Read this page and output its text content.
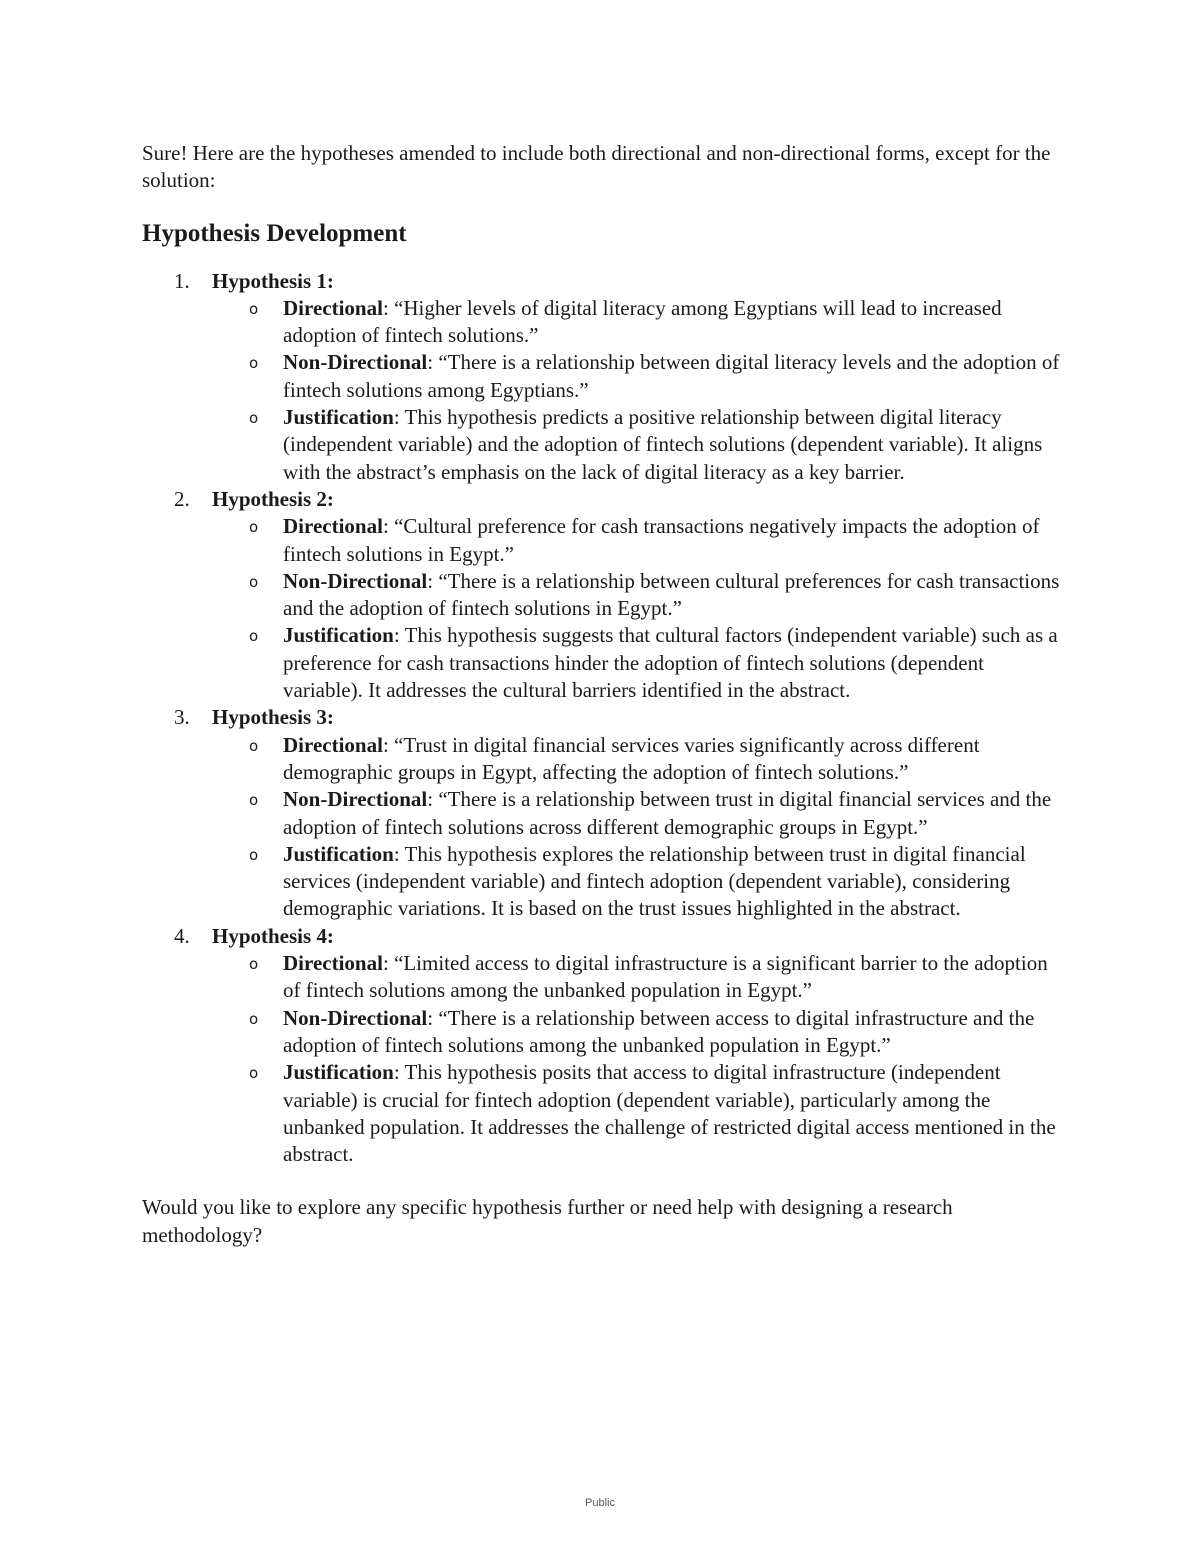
Sure! Here are the hypotheses amended to include both directional and non-directional forms, except for the solution:

Hypothesis Development
1. Hypothesis 1:
o Directional: “Higher levels of digital literacy among Egyptians will lead to increased adoption of fintech solutions.”
o Non-Directional: “There is a relationship between digital literacy levels and the adoption of fintech solutions among Egyptians.”
o Justification: This hypothesis predicts a positive relationship between digital literacy (independent variable) and the adoption of fintech solutions (dependent variable). It aligns with the abstract’s emphasis on the lack of digital literacy as a key barrier.
2. Hypothesis 2:
o Directional: “Cultural preference for cash transactions negatively impacts the adoption of fintech solutions in Egypt.”
o Non-Directional: “There is a relationship between cultural preferences for cash transactions and the adoption of fintech solutions in Egypt.”
o Justification: This hypothesis suggests that cultural factors (independent variable) such as a preference for cash transactions hinder the adoption of fintech solutions (dependent variable). It addresses the cultural barriers identified in the abstract.
3. Hypothesis 3:
o Directional: “Trust in digital financial services varies significantly across different demographic groups in Egypt, affecting the adoption of fintech solutions.”
o Non-Directional: “There is a relationship between trust in digital financial services and the adoption of fintech solutions across different demographic groups in Egypt.”
o Justification: This hypothesis explores the relationship between trust in digital financial services (independent variable) and fintech adoption (dependent variable), considering demographic variations. It is based on the trust issues highlighted in the abstract.
4. Hypothesis 4:
o Directional: “Limited access to digital infrastructure is a significant barrier to the adoption of fintech solutions among the unbanked population in Egypt.”
o Non-Directional: “There is a relationship between access to digital infrastructure and the adoption of fintech solutions among the unbanked population in Egypt.”
o Justification: This hypothesis posits that access to digital infrastructure (independent variable) is crucial for fintech adoption (dependent variable), particularly among the unbanked population. It addresses the challenge of restricted digital access mentioned in the abstract.

Would you like to explore any specific hypothesis further or need help with designing a research methodology?

Public
